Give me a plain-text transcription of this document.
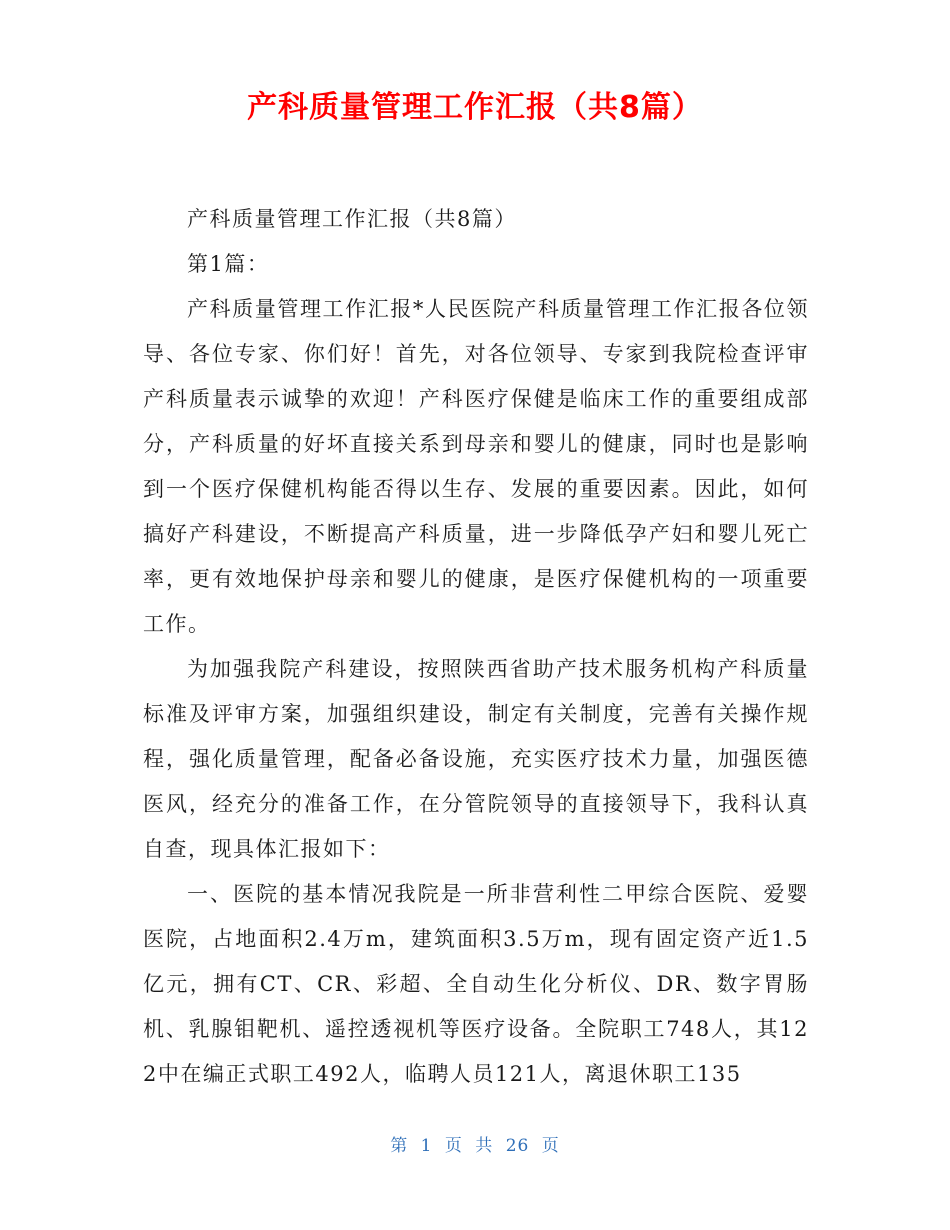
产科质量管理工作汇报（共8篇）

产科质量管理工作汇报（共8篇）

第1篇：

产科质量管理工作汇报*人民医院产科质量管理工作汇报各位领导、各位专家、你们好！首先，对各位领导、专家到我院检查评审产科质量表示诚挚的欢迎！产科医疗保健是临床工作的重要组成部分，产科质量的好坏直接关系到母亲和婴儿的健康，同时也是影响到一个医疗保健机构能否得以生存、发展的重要因素。因此，如何搞好产科建设，不断提高产科质量，进一步降低孕产妇和婴儿死亡率，更有效地保护母亲和婴儿的健康，是医疗保健机构的一项重要工作。

为加强我院产科建设，按照陕西省助产技术服务机构产科质量标准及评审方案，加强组织建设，制定有关制度，完善有关操作规程，强化质量管理，配备必备设施，充实医疗技术力量，加强医德医风，经充分的准备工作，在分管院领导的直接领导下，我科认真自查，现具体汇报如下：

一、医院的基本情况我院是一所非营利性二甲综合医院、爱婴医院，占地面积2.4万m，建筑面积3.5万m，现有固定资产近1.5亿元，拥有CT、CR、彩超、全自动生化分析仪、DR、数字胃肠机、乳腺钼靶机、遥控透视机等医疗设备。全院职工748人，其122中在编正式职工492人，临聘人员121人，离退休职工135

第 1 页 共 26 页
